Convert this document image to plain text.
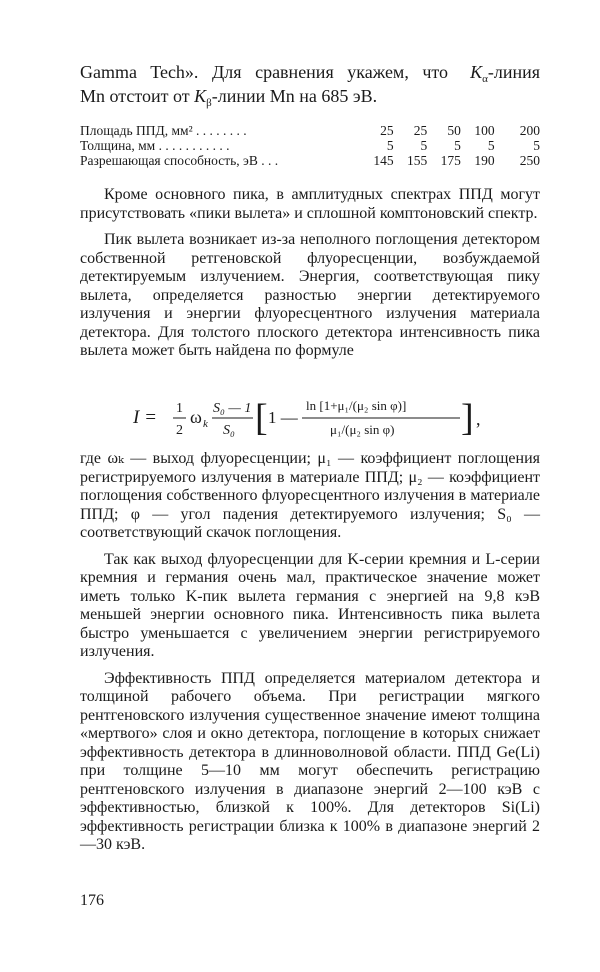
Gamma Tech». Для сравнения укажем, что $K_\alpha$-линия

Mn отстоит от $K_\beta$-линии Mn на 685 эВ.

Площадь ППД, мм² . . . . . . . .	25	25	50	100	200
Толщина, мм . . . . . . . . . . .	5	5	5	5	5
Разрешающая способность, эВ . . .	145	155	175	190	250

Кроме основного пика, в амплитудных спектрах ППД могут присутствовать «пики вылета» и сплошной комптоновский спектр.

Пик вылета возникает из-за неполного поглощения детектором собственной ретгеновской флуоресценции, возбуждаемой детектируемым излучением. Энергия, соответствующая пику вылета, определяется разностью энергии детектируемого излучения и энергии флуоресцентного излучения материала детектора. Для толстого плоского детектора интенсивность пика вылета может быть найдена по формуле

I = 1
2
ω k
S₀ — 1
S₀ [ 1 —
ln [1+μ₁/(μ₂ sin φ)]
μ₁/(μ₂ sin φ) ] ,

где ωₖ — выход флуоресценции; μ₁ — коэффициент поглощения регистрируемого излучения в материале ППД; μ₂ — коэффициент поглощения собственного флуоресцентного излучения в материале ППД; φ — угол падения детектируемого излучения; S₀ — соответствующий скачок поглощения.

Так как выход флуоресценции для K-серии кремния и L-серии кремния и германия очень мал, практическое значение может иметь только K-пик вылета германия с энергией на 9,8 кэВ меньшей энергии основного пика. Интенсивность пика вылета быстро уменьшается с увеличением энергии регистрируемого излучения.

Эффективность ППД определяется материалом детектора и толщиной рабочего объема. При регистрации мягкого рентгеновского излучения существенное значение имеют толщина «мертвого» слоя и окно детектора, поглощение в которых снижает эффективность детектора в длинноволновой области. ППД Ge(Li) при толщине 5—10 мм могут обеспечить регистрацию рентгеновского излучения в диапазоне энергий 2—100 кэВ с эффективностью, близкой к 100%. Для детекторов Si(Li) эффективность регистрации близка к 100% в диапазоне энергий 2—30 кэВ.

176
